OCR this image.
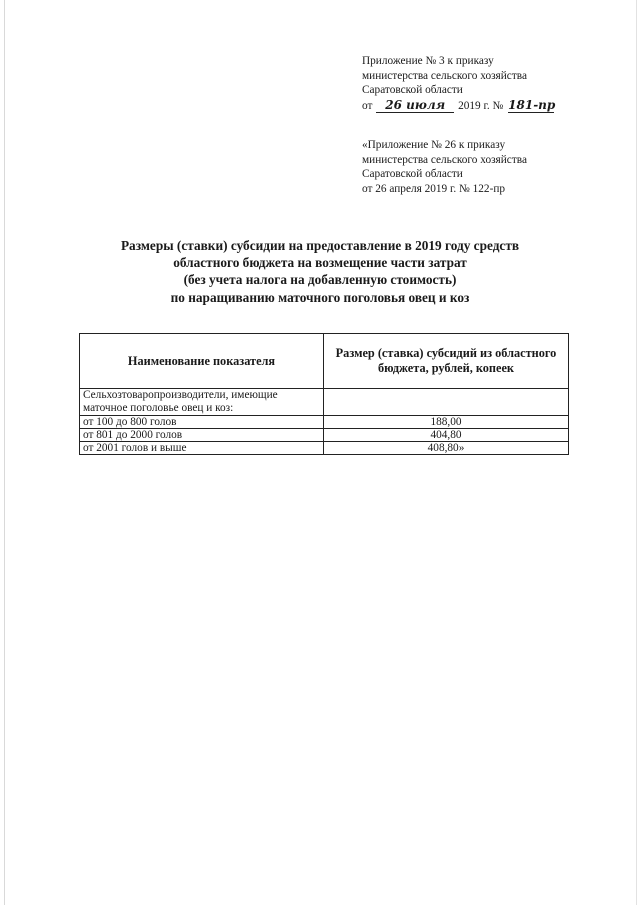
Приложение № 3 к приказу
министерства сельского хозяйства
Саратовской области
от 26 июля 2019 г. № 181-пр
«Приложение № 26 к приказу
министерства сельского хозяйства
Саратовской области
от 26 апреля 2019 г. № 122-пр
Размеры (ставки) субсидии на предоставление в 2019 году средств
областного бюджета на возмещение части затрат
(без учета налога на добавленную стоимость)
по наращиванию маточного поголовья овец и коз
Наименование показателя	Размер (ставка) субсидий из областного бюджета, рублей, копеек
Сельхозтоваропроизводители, имеющие маточное поголовье овец и коз:	
от 100 до 800 голов	188,00
от 801 до 2000 голов	404,80
от 2001 голов и выше	408,80»
